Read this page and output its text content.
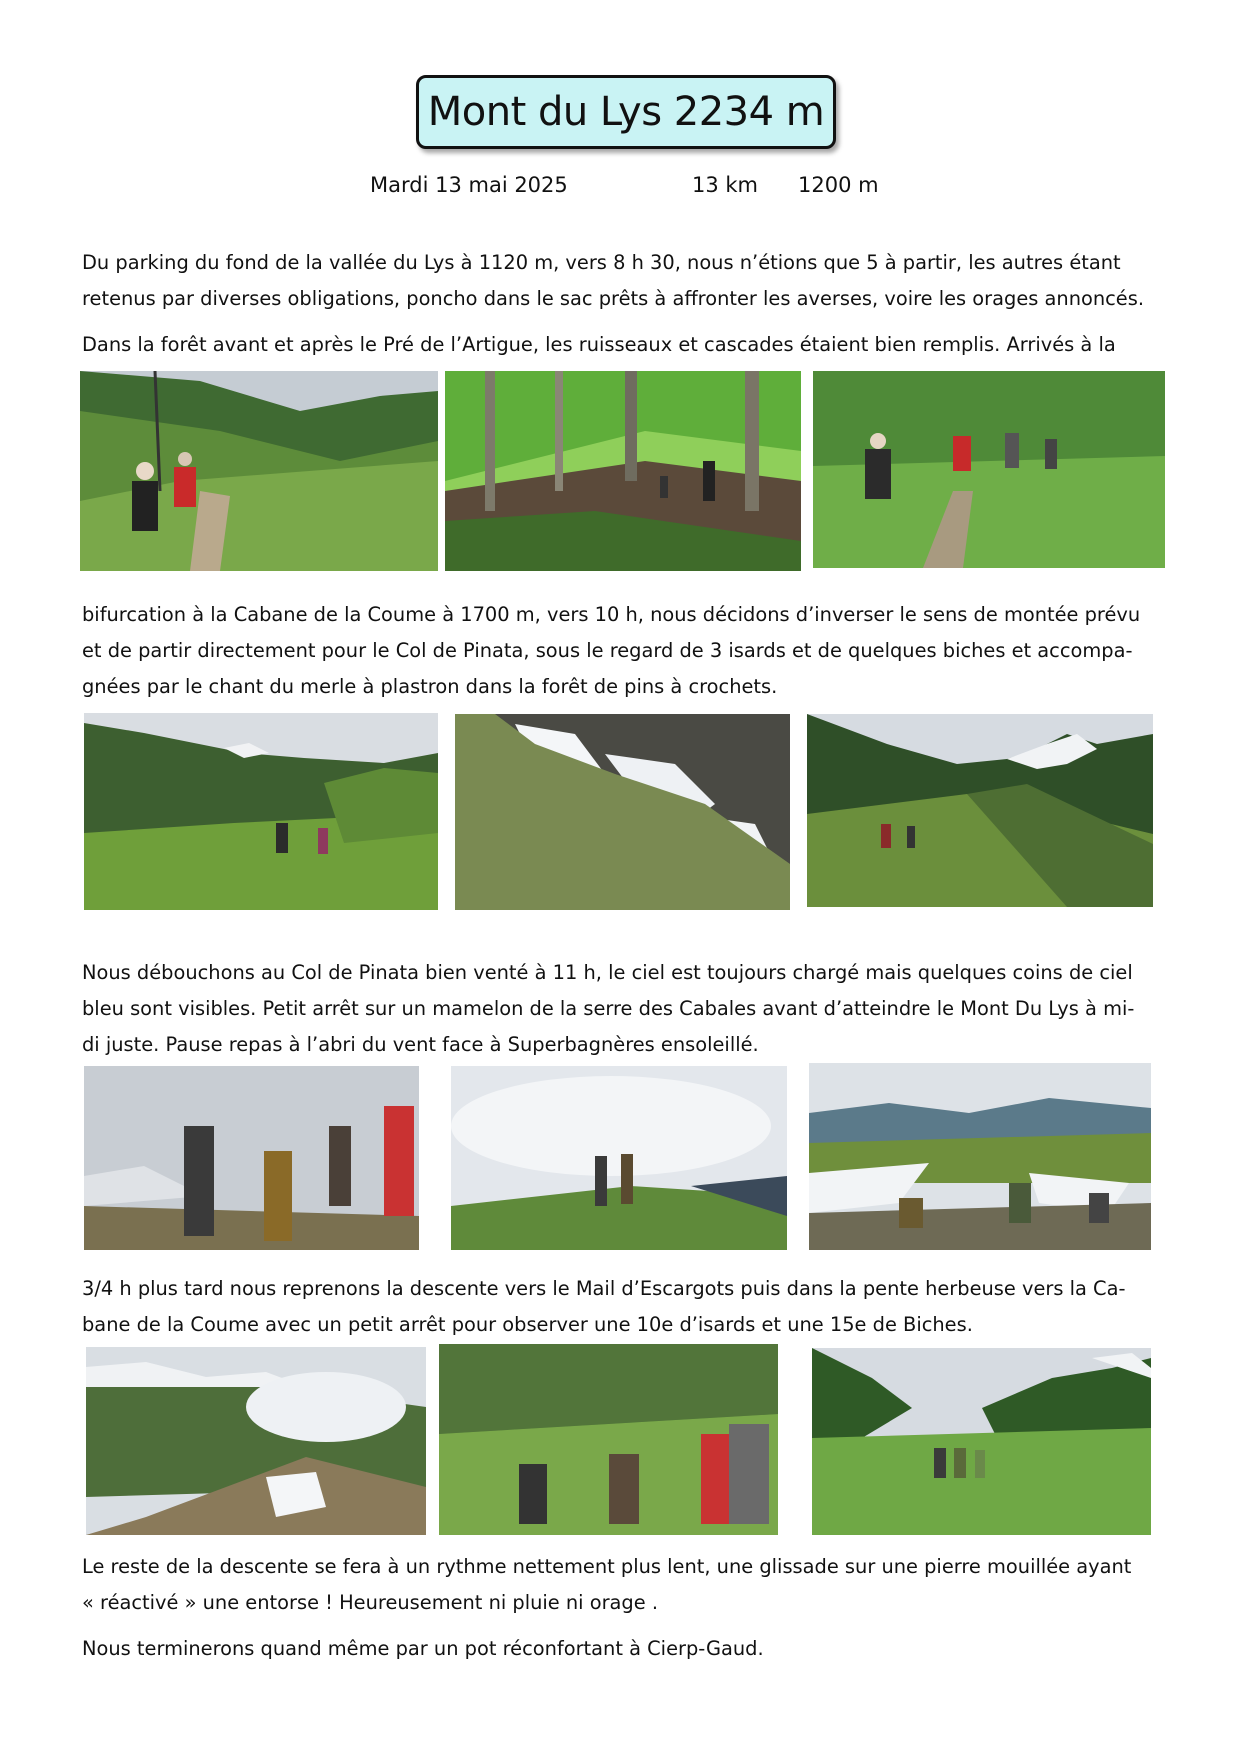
Mont du Lys 2234 m
Mardi 13 mai 2025	13 km 1200 m

Du parking du fond de la vallée du Lys à 1120 m, vers 8 h 30, nous n’étions que 5 à partir, les autres étant
retenus par diverses obligations, poncho dans le sac prêts à affronter les averses, voire les orages annoncés.

Dans la forêt avant et après le Pré de l’Artigue, les ruisseaux et cascades étaient bien remplis. Arrivés à la

bifurcation à la Cabane de la Coume à 1700 m, vers 10 h, nous décidons d’inverser le sens de montée prévu
et de partir directement pour le Col de Pinata, sous le regard de 3 isards et de quelques biches et accompa-
gnées par le chant du merle à plastron dans la forêt de pins à crochets.

Nous débouchons au Col de Pinata bien venté à 11 h, le ciel est toujours chargé mais quelques coins de ciel
bleu sont visibles. Petit arrêt sur un mamelon de la serre des Cabales avant d’atteindre le Mont Du Lys à mi-
di juste. Pause repas à l’abri du vent face à Superbagnères ensoleillé.

3/4 h plus tard nous reprenons la descente vers le Mail d’Escargots puis dans la pente herbeuse vers la Ca-
bane de la Coume avec un petit arrêt pour observer une 10e d’isards et une 15e de Biches.

Le reste de la descente se fera à un rythme nettement plus lent, une glissade sur une pierre mouillée ayant
« réactivé » une entorse ! Heureusement ni pluie ni orage .

Nous terminerons quand même par un pot réconfortant à Cierp-Gaud.
